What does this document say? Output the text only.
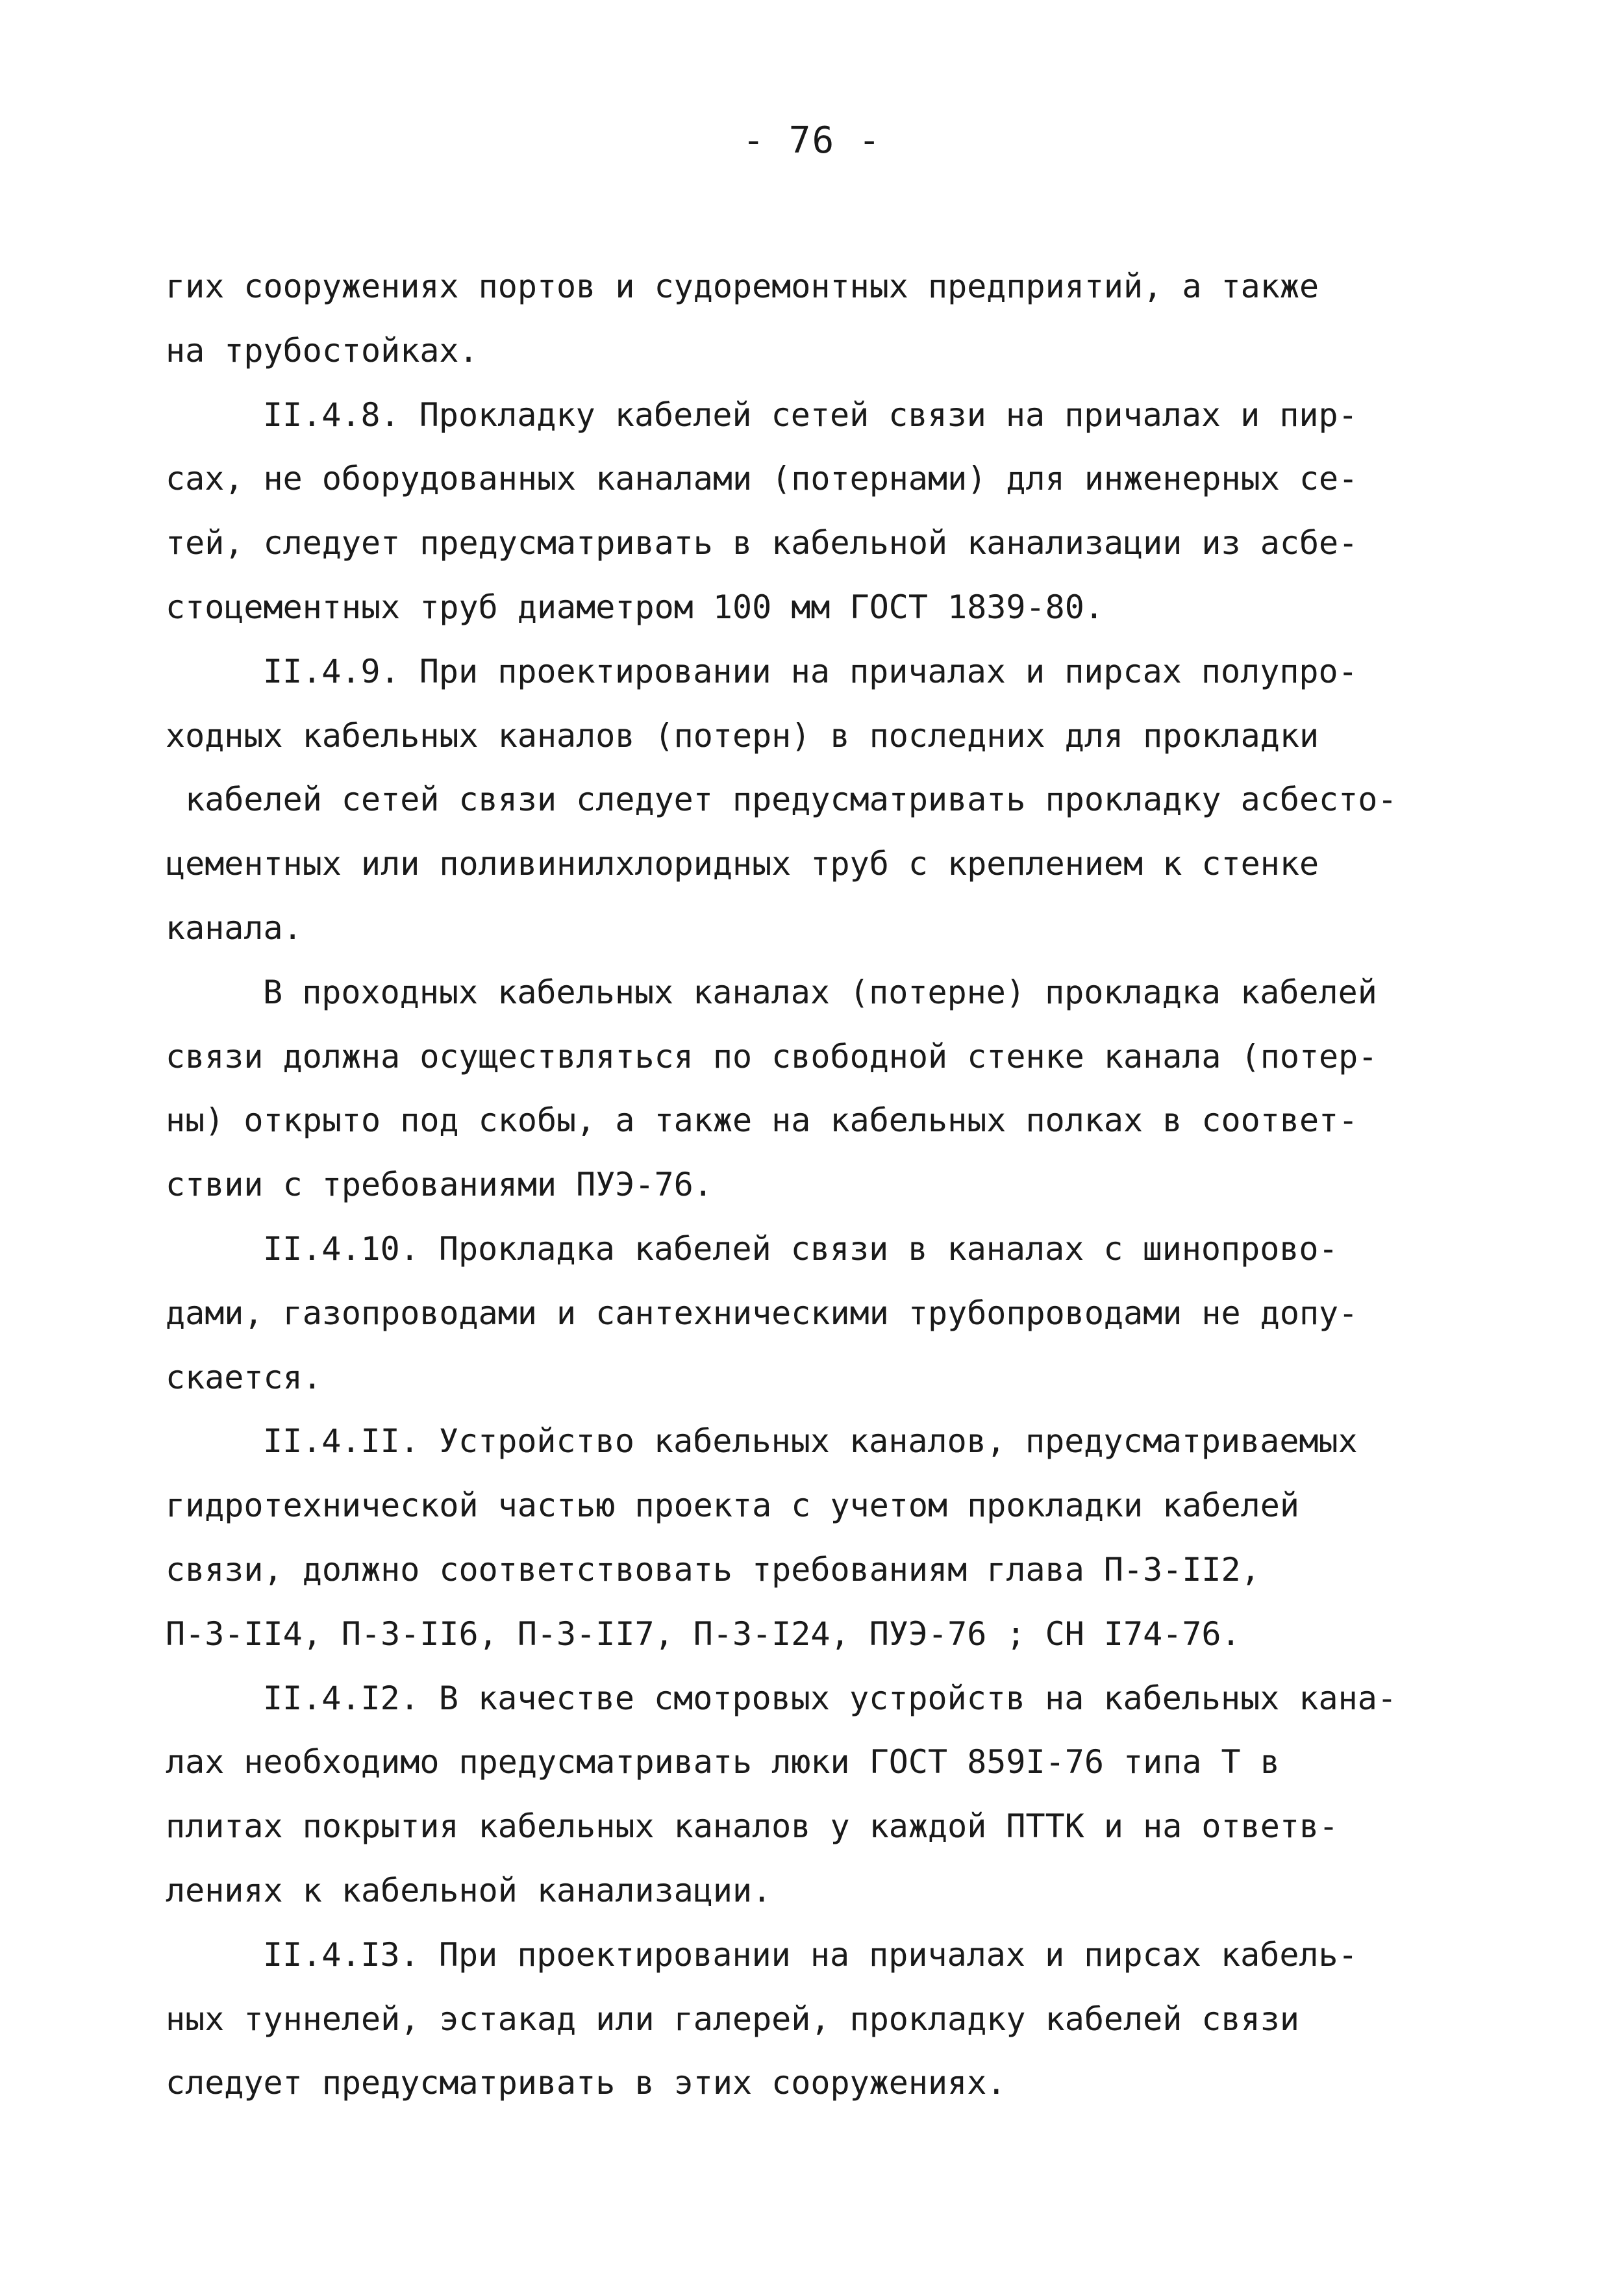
- 76 -
гих сооружениях портов и судоремонтных предприятий, а также
на трубостойках.
II.4.8. Прокладку кабелей сетей связи на причалах и пир-
сах, не оборудованных каналами (потернами) для инженерных се-
тей, следует предусматривать в кабельной канализации из асбе-
стоцементных труб диаметром 100 мм ГОСТ 1839-80.
II.4.9. При проектировании на причалах и пирсах полупро-
ходных кабельных каналов (потерн) в последних для прокладки
кабелей сетей связи следует предусматривать прокладку асбесто-
цементных или поливинилхлоридных труб с креплением к стенке
канала.
В проходных кабельных каналах (потерне) прокладка кабелей
связи должна осуществляться по свободной стенке канала (потер-
ны) открыто под скобы, а также на кабельных полках в соответ-
ствии с требованиями ПУЭ-76.
II.4.10. Прокладка кабелей связи в каналах с шинопрово-
дами, газопроводами и сантехническими трубопроводами не допу-
скается.
II.4.II. Устройство кабельных каналов, предусматриваемых
гидротехнической частью проекта с учетом прокладки кабелей
связи, должно соответствовать требованиям глава П-3-II2,
П-3-II4, П-3-II6, П-3-II7, П-3-I24, ПУЭ-76 ; СН I74-76.
II.4.I2. В качестве смотровых устройств на кабельных кана-
лах необходимо предусматривать люки ГОСТ 859I-76 типа Т в
плитах покрытия кабельных каналов у каждой ПТТК и на ответв-
лениях к кабельной канализации.
II.4.I3. При проектировании на причалах и пирсах кабель-
ных туннелей, эстакад или галерей, прокладку кабелей связи
следует предусматривать в этих сооружениях.
